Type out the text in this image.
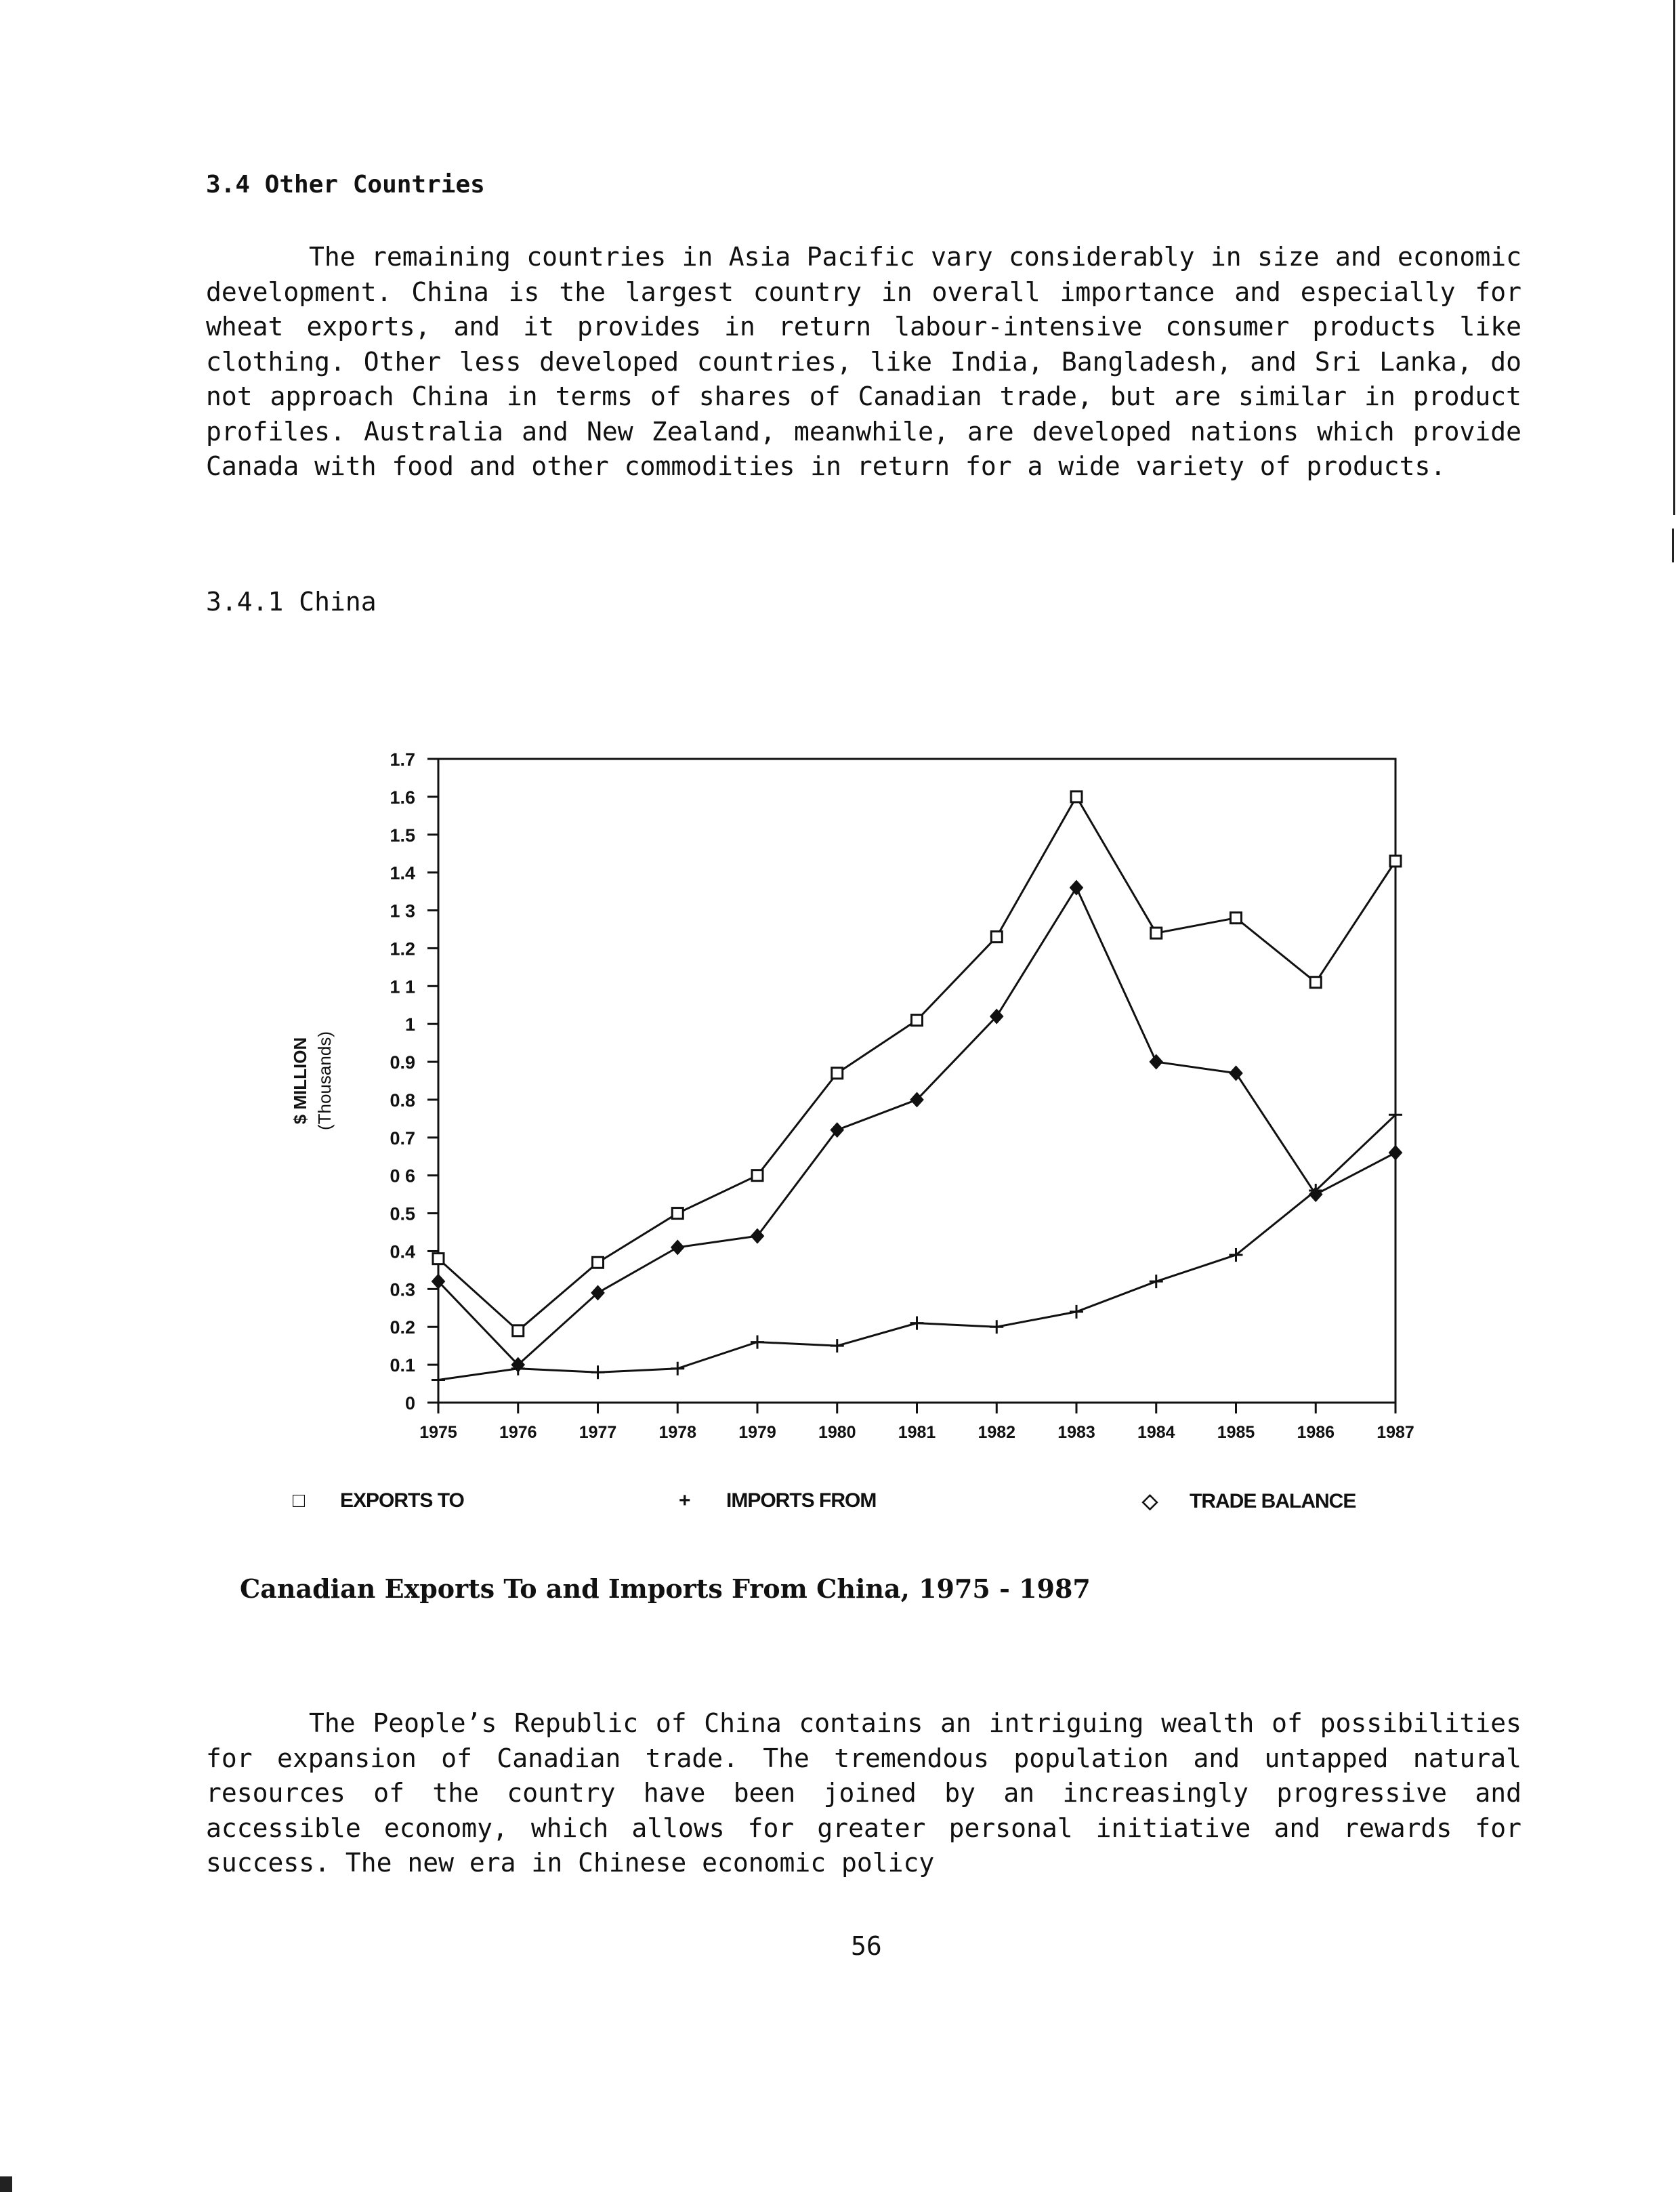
3.4 Other Countries

The remaining countries in Asia Pacific vary considerably in size and economic development. China is the largest country in overall importance and especially for wheat exports, and it provides in return labour-intensive consumer products like clothing. Other less developed countries, like India, Bangladesh, and Sri Lanka, do not approach China in terms of shares of Canadian trade, but are similar in product profiles. Australia and New Zealand, meanwhile, are developed nations which provide Canada with food and other commodities in return for a wide variety of products.

3.4.1 China
0
0.1
0.2
0.3
0.4
0.5
0 6
0.7
0.8
0.9
1
1 1
1.2
1 3
1.4
1.5
1.6
1.7
1975 1976 1977 1978 1979 1980 1981 1982 1983 1984 1985 1986 1987
$ MILLION (Thousands)
□ EXPORTS TO	+ IMPORTS FROM	◇ TRADE BALANCE
Canadian Exports To and Imports From China, 1975 - 1987

The People’s Republic of China contains an intriguing wealth of possibilities for expansion of Canadian trade. The tremendous population and untapped natural resources of the country have been joined by an increasingly progressive and accessible economy, which allows for greater personal initiative and rewards for success. The new era in Chinese economic policy

56
